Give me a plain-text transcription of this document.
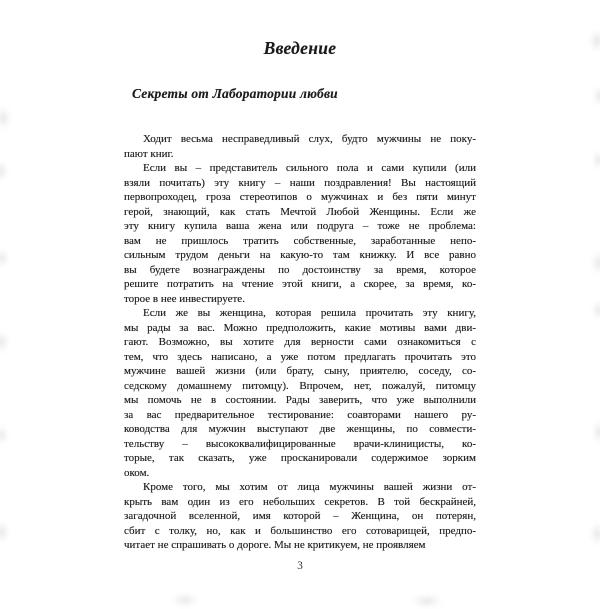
Введение
Секреты от Лаборатории любви
Ходит весьма несправедливый слух, будто мужчины не поку-
пают книг.
Если вы – представитель сильного пола и сами купили (или
взяли почитать) эту книгу – наши поздравления! Вы настоящий
первопроходец, гроза стереотипов о мужчинах и без пяти минут
герой, знающий, как стать Мечтой Любой Женщины. Если же
эту книгу купила ваша жена или подруга – тоже не проблема:
вам не пришлось тратить собственные, заработанные непо-
сильным трудом деньги на какую-то там книжку. И все равно
вы будете вознаграждены по достоинству за время, которое
решите потратить на чтение этой книги, а скорее, за время, ко-
торое в нее инвестируете.
Если же вы женщина, которая решила прочитать эту книгу,
мы рады за вас. Можно предположить, какие мотивы вами дви-
гают. Возможно, вы хотите для верности сами ознакомиться с
тем, что здесь написано, а уже потом предлагать прочитать это
мужчине вашей жизни (или брату, сыну, приятелю, соседу, со-
седскому домашнему питомцу). Впрочем, нет, пожалуй, питомцу
мы помочь не в состоянии. Рады заверить, что уже выполнили
за вас предварительное тестирование: соавторами нашего ру-
ководства для мужчин выступают две женщины, по совмести-
тельству – высококвалифицированные врачи-клиницисты, ко-
торые, так сказать, уже просканировали содержимое зорким
оком.
Кроме того, мы хотим от лица мужчины вашей жизни от-
крыть вам один из его небольших секретов. В той бескрайней,
загадочной вселенной, имя которой – Женщина, он потерян,
сбит с толку, но, как и большинство его сотоварищей, предпо-
читает не спрашивать о дороге. Мы не критикуем, не проявляем
3
